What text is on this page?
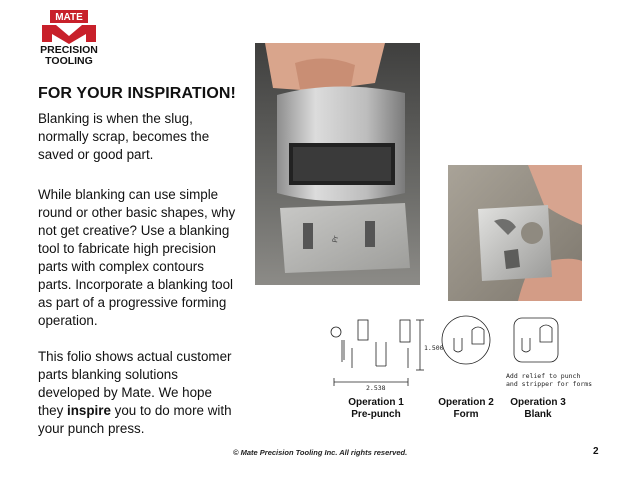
MATE
PRECISION
TOOLING
FOR YOUR INSPIRATION!

Blanking is when the slug, normally scrap, becomes the saved or good part.

While blanking can use simple round or other basic shapes, why not get creative? Use a blanking tool to fabricate high precision parts with complex contours parts. Incorporate a blanking tool as part of a progressive forming operation.

This folio shows actual customer parts blanking solutions developed by Mate. We hope they inspire you to do more with your punch press.

Pr
1.500
2.538
Add relief to punch
and stripper for forms
Operation 1
Pre-punch
Operation 2
Form
Operation 3
Blank
© Mate Precision Tooling Inc. All rights reserved.	2
